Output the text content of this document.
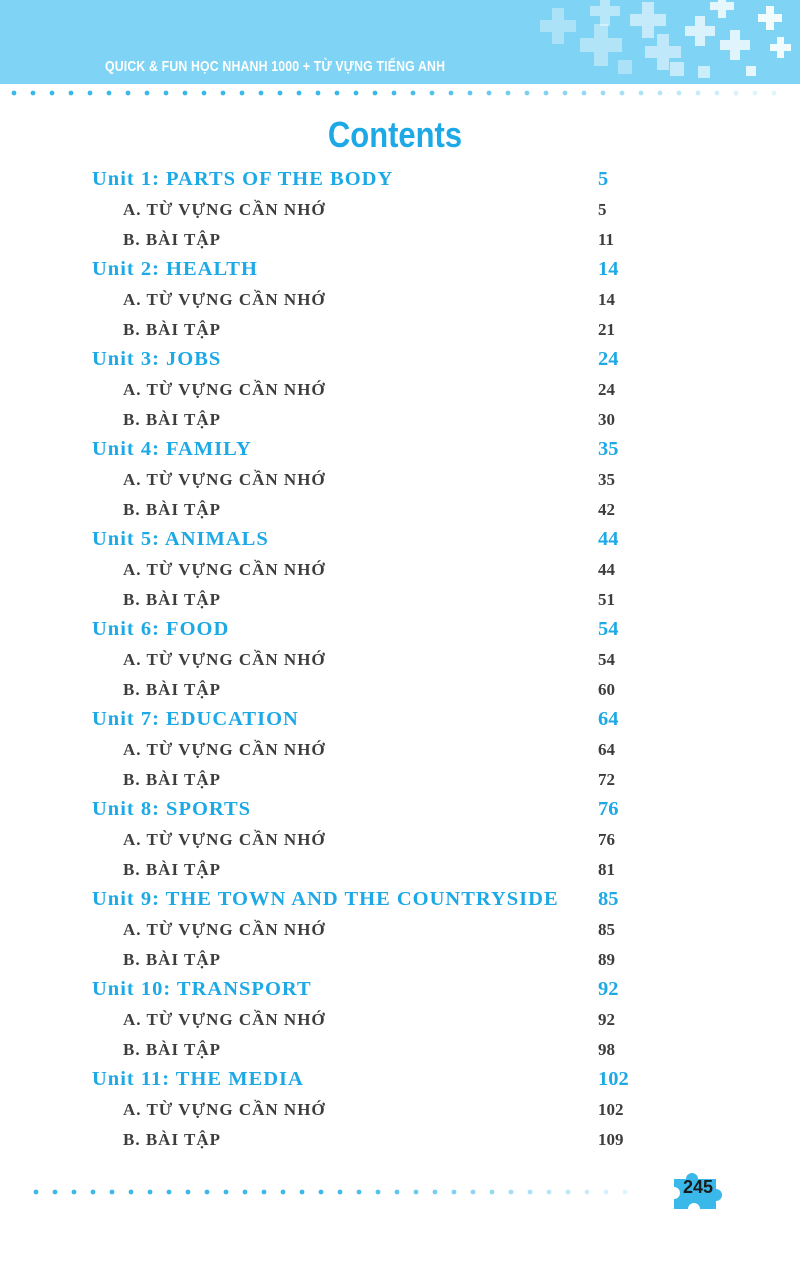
QUICK & FUN HỌC NHANH 1000 + TỪ VỰNG TIẾNG ANH
Contents
Unit 1: PARTS OF THE BODY	5
A. TỪ VỰNG CẦN NHỚ	5
B. BÀI TẬP	11
Unit 2: HEALTH	14
A. TỪ VỰNG CẦN NHỚ	14
B. BÀI TẬP	21
Unit 3: JOBS	24
A. TỪ VỰNG CẦN NHỚ	24
B. BÀI TẬP	30
Unit 4: FAMILY	35
A. TỪ VỰNG CẦN NHỚ	35
B. BÀI TẬP	42
Unit 5: ANIMALS	44
A. TỪ VỰNG CẦN NHỚ	44
B. BÀI TẬP	51
Unit 6: FOOD	54
A. TỪ VỰNG CẦN NHỚ	54
B. BÀI TẬP	60
Unit 7: EDUCATION	64
A. TỪ VỰNG CẦN NHỚ	64
B. BÀI TẬP	72
Unit 8: SPORTS	76
A. TỪ VỰNG CẦN NHỚ	76
B. BÀI TẬP	81
Unit 9: THE TOWN AND THE COUNTRYSIDE 85
A. TỪ VỰNG CẦN NHỚ	85
B. BÀI TẬP	89
Unit 10: TRANSPORT	92
A. TỪ VỰNG CẦN NHỚ	92
B. BÀI TẬP	98
Unit 11: THE MEDIA	102
A. TỪ VỰNG CẦN NHỚ	102
B. BÀI TẬP	109
245
